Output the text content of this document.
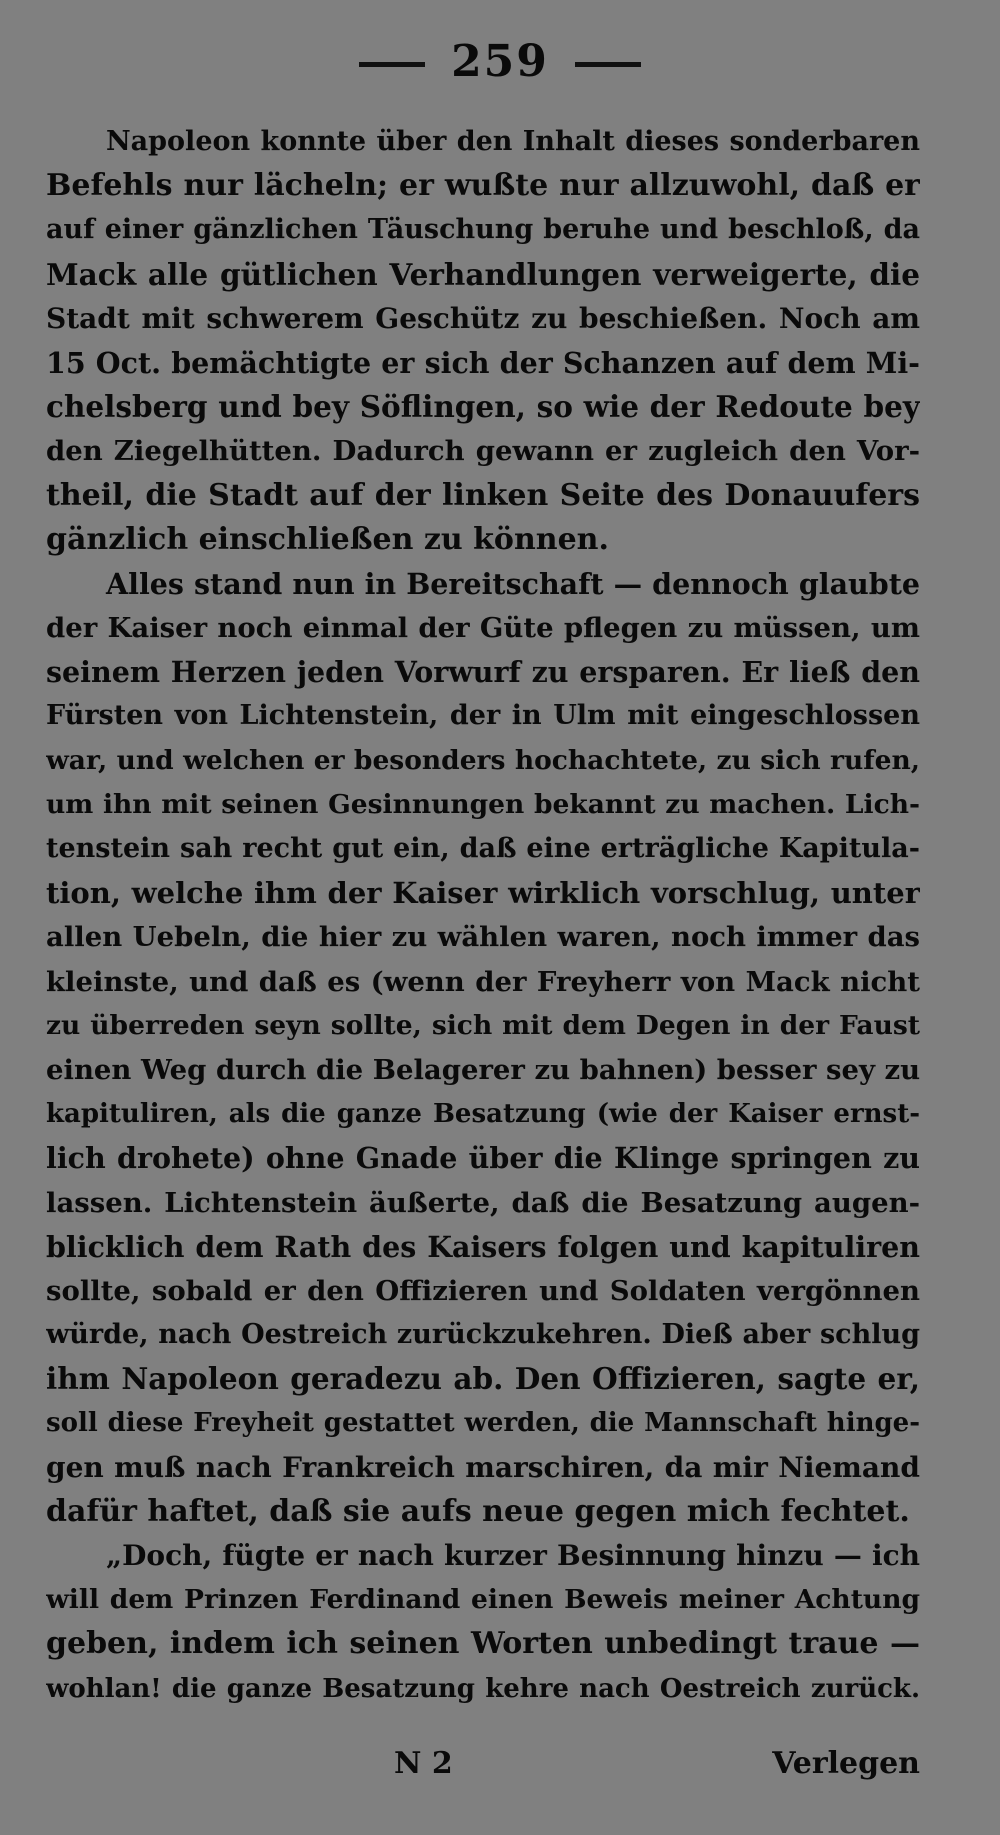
259
Napoleon konnte über den Inhalt dieses sonderbaren
Befehls nur lächeln; er wußte nur allzuwohl, daß er
auf einer gänzlichen Täuschung beruhe und beschloß, da
Mack alle gütlichen Verhandlungen verweigerte, die
Stadt mit schwerem Geschütz zu beschießen. Noch am
15 Oct. bemächtigte er sich der Schanzen auf dem Mi-
chelsberg und bey Söflingen, so wie der Redoute bey
den Ziegelhütten. Dadurch gewann er zugleich den Vor-
theil, die Stadt auf der linken Seite des Donauufers
gänzlich einschließen zu können.
Alles stand nun in Bereitschaft — dennoch glaubte
der Kaiser noch einmal der Güte pflegen zu müssen, um
seinem Herzen jeden Vorwurf zu ersparen. Er ließ den
Fürsten von Lichtenstein, der in Ulm mit eingeschlossen
war, und welchen er besonders hochachtete, zu sich rufen,
um ihn mit seinen Gesinnungen bekannt zu machen. Lich-
tenstein sah recht gut ein, daß eine erträgliche Kapitula-
tion, welche ihm der Kaiser wirklich vorschlug, unter
allen Uebeln, die hier zu wählen waren, noch immer das
kleinste, und daß es (wenn der Freyherr von Mack nicht
zu überreden seyn sollte, sich mit dem Degen in der Faust
einen Weg durch die Belagerer zu bahnen) besser sey zu
kapituliren, als die ganze Besatzung (wie der Kaiser ernst-
lich drohete) ohne Gnade über die Klinge springen zu
lassen. Lichtenstein äußerte, daß die Besatzung augen-
blicklich dem Rath des Kaisers folgen und kapituliren
sollte, sobald er den Offizieren und Soldaten vergönnen
würde, nach Oestreich zurückzukehren. Dieß aber schlug
ihm Napoleon geradezu ab. Den Offizieren, sagte er,
soll diese Freyheit gestattet werden, die Mannschaft hinge-
gen muß nach Frankreich marschiren, da mir Niemand
dafür haftet, daß sie aufs neue gegen mich fechtet.
„Doch, fügte er nach kurzer Besinnung hinzu — ich
will dem Prinzen Ferdinand einen Beweis meiner Achtung
geben, indem ich seinen Worten unbedingt traue —
wohlan! die ganze Besatzung kehre nach Oestreich zurück.
N 2	Verlegen
